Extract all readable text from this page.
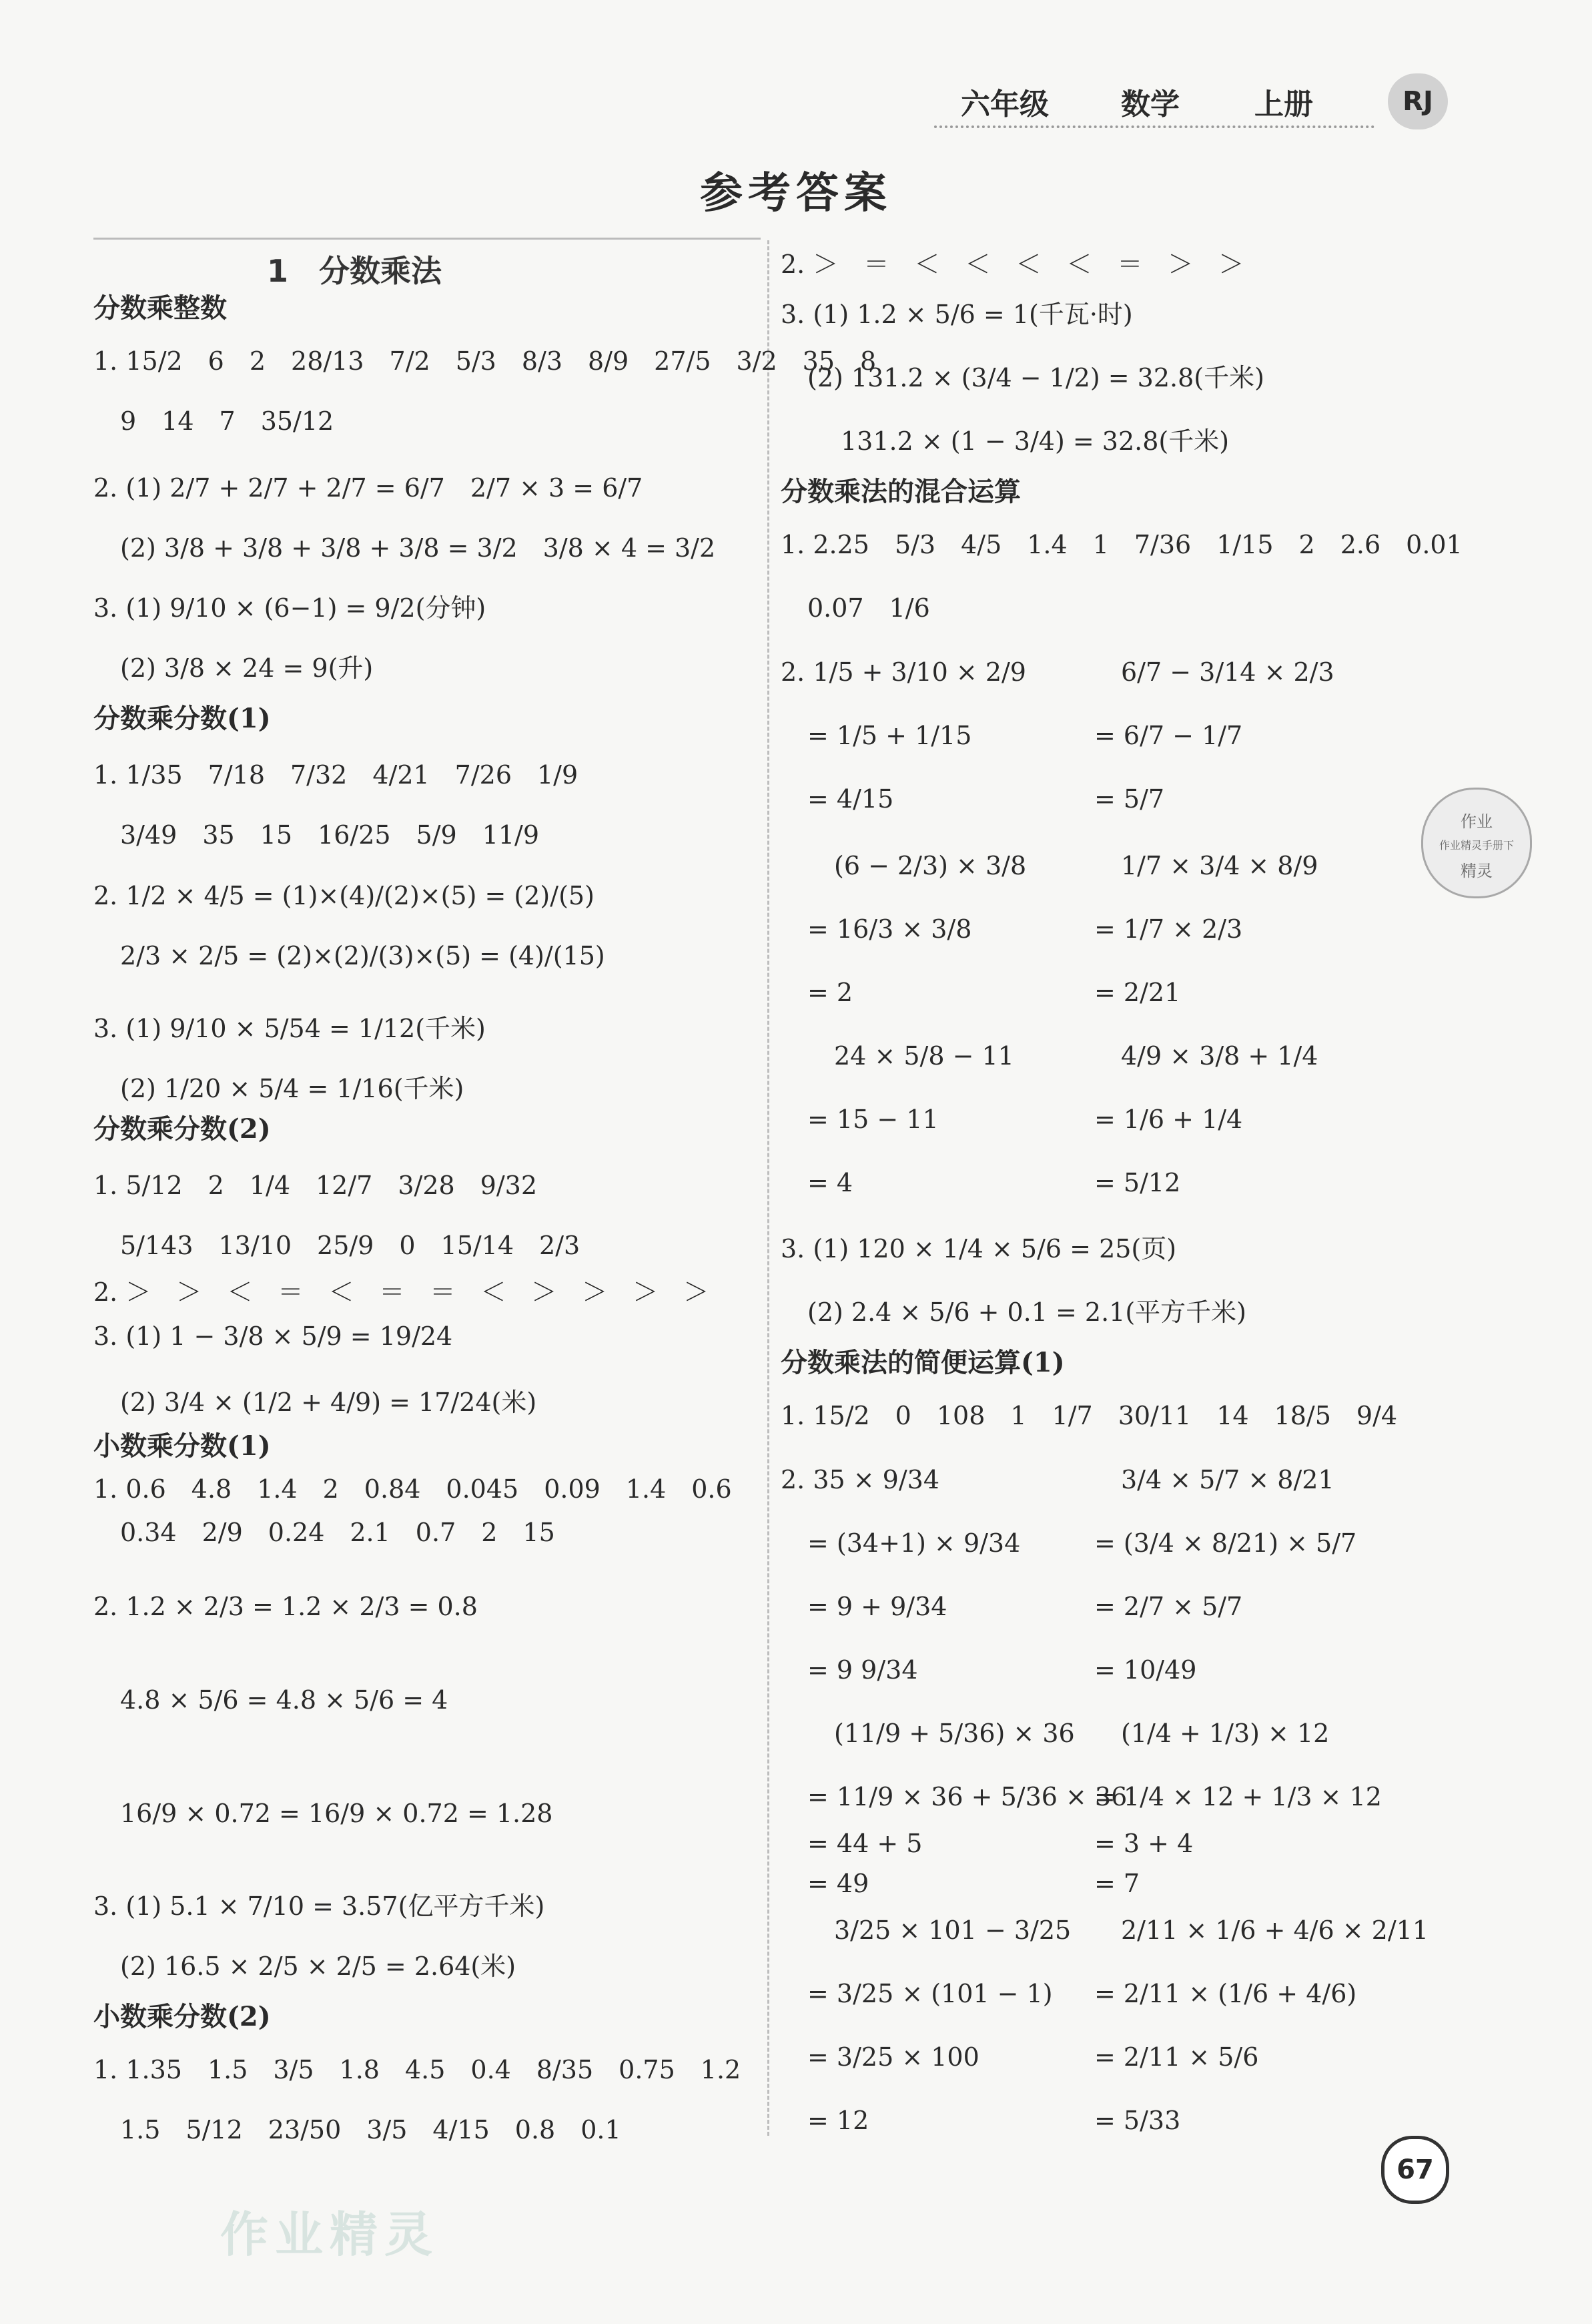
六年级 数学	上册	RJ
参考答案
1　分数乘法
分数乘整数
1. 15/2　6　2　28/13　7/2　5/3　8/3　8/9　27/5　3/2　35　8
9　14　7　35/12
2. (1) 2/7 + 2/7 + 2/7 = 6/7　2/7 × 3 = 6/7
(2) 3/8 + 3/8 + 3/8 + 3/8 = 3/2　3/8 × 4 = 3/2
3. (1) 9/10 × (6−1) = 9/2(分钟)
(2) 3/8 × 24 = 9(升)
分数乘分数(1)
1. 1/35　7/18　7/32　4/21　7/26　1/9
3/49　35　15　16/25　5/9　11/9
2. 1/2 × 4/5 = (1)×(4)/(2)×(5) = (2)/(5)
2/3 × 2/5 = (2)×(2)/(3)×(5) = (4)/(15)
3. (1) 9/10 × 5/54 = 1/12(千米)
(2) 1/20 × 5/4 = 1/16(千米)
分数乘分数(2)
1. 5/12　2　1/4　12/7　3/28　9/32
5/143　13/10　25/9　0　15/14　2/3
2. ＞　＞　＜　＝　＜　＝　＝　＜　＞　＞　＞　＞
3. (1) 1 − 3/8 × 5/9 = 19/24
(2) 3/4 × (1/2 + 4/9) = 17/24(米)
小数乘分数(1)
1. 0.6　4.8　1.4　2　0.84　0.045　0.09　1.4　0.6
0.34　2/9　0.24　2.1　0.7　2　15
2. 1.2 × 2/3 = 1.2 × 2/3 = 0.8
4.8 × 5/6 = 4.8 × 5/6 = 4
16/9 × 0.72 = 16/9 × 0.72 = 1.28
3. (1) 5.1 × 7/10 = 3.57(亿平方千米)
(2) 16.5 × 2/5 × 2/5 = 2.64(米)
小数乘分数(2)
1. 1.35　1.5　3/5　1.8　4.5　0.4　8/35　0.75　1.2
1.5　5/12　23/50　3/5　4/15　0.8　0.1
2. ＞　＝　＜　＜　＜　＜　＝　＞　＞
3. (1) 1.2 × 5/6 = 1(千瓦·时)
(2) 131.2 × (3/4 − 1/2) = 32.8(千米)
131.2 × (1 − 3/4) = 32.8(千米)
分数乘法的混合运算
1. 2.25　5/3　4/5　1.4　1　7/36　1/15　2　2.6　0.01
0.07　1/6
2. 1/5 + 3/10 × 2/9
= 1/5 + 1/15
= 4/15
(6 − 2/3) × 3/8
= 16/3 × 3/8
= 2
24 × 5/8 − 11
= 15 − 11
= 4
6/7 − 3/14 × 2/3
= 6/7 − 1/7
= 5/7
1/7 × 3/4 × 8/9
= 1/7 × 2/3
= 2/21
4/9 × 3/8 + 1/4
= 1/6 + 1/4
= 5/12
3. (1) 120 × 1/4 × 5/6 = 25(页)
(2) 2.4 × 5/6 + 0.1 = 2.1(平方千米)
分数乘法的简便运算(1)
1. 15/2　0　108　1　1/7　30/11　14　18/5　9/4
2. 35 × 9/34
= (34+1) × 9/34
= 9 + 9/34
= 9 9/34
(11/9 + 5/36) × 36
= 11/9 × 36 + 5/36 × 36
= 44 + 5
= 49
3/25 × 101 − 3/25
= 3/25 × (101 − 1)
= 3/25 × 100
= 12
3/4 × 5/7 × 8/21
= (3/4 × 8/21) × 5/7
= 2/7 × 5/7
= 10/49
(1/4 + 1/3) × 12
= 1/4 × 12 + 1/3 × 12
= 3 + 4
= 7
2/11 × 1/6 + 4/6 × 2/11
= 2/11 × (1/6 + 4/6)
= 2/11 × 5/6
= 5/33
作业
作业精灵手册下
精灵
作业精灵
67
